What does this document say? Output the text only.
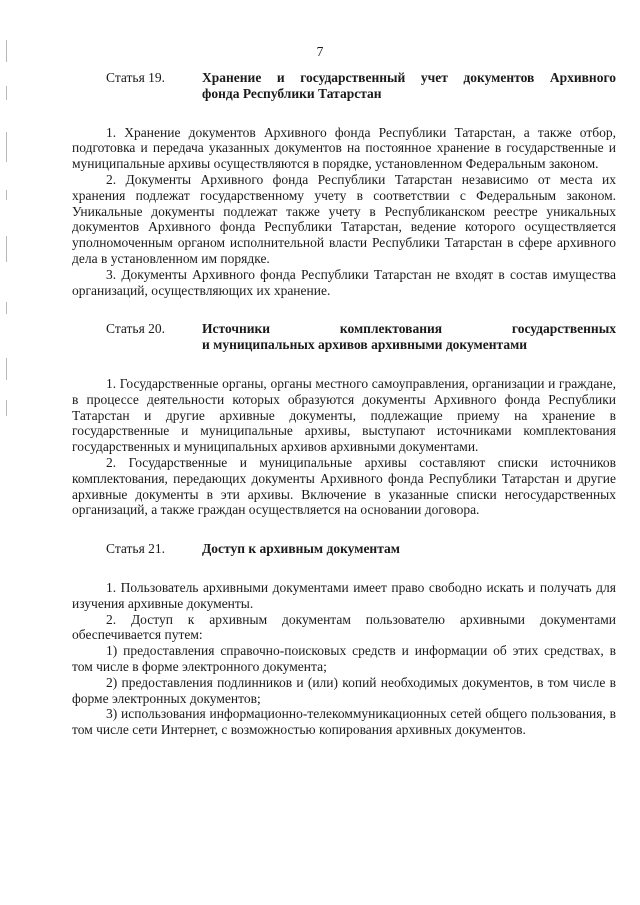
7
Статья 19.	Хранение и государственный учет документов Архивного
фонда Республики Татарстан

1. Хранение документов Архивного фонда Республики Татарстан, а также отбор, подготовка и передача указанных документов на постоянное хранение в государственные и муниципальные архивы осуществляются в порядке, установленном Федеральным законом.

2. Документы Архивного фонда Республики Татарстан независимо от места их хранения подлежат государственному учету в соответствии с Федеральным законом. Уникальные документы подлежат также учету в Республиканском реестре уникальных документов Архивного фонда Республики Татарстан, ведение которого осуществляется уполномоченным органом исполнительной власти Республики Татарстан в сфере архивного дела в установленном им порядке.

3. Документы Архивного фонда Республики Татарстан не входят в состав имущества организаций, осуществляющих их хранение.

Статья 20.	Источники комплектования государственных
и муниципальных архивов архивными документами

1. Государственные органы, органы местного самоуправления, организации и граждане, в процессе деятельности которых образуются документы Архивного фонда Республики Татарстан и другие архивные документы, подлежащие приему на хранение в государственные и муниципальные архивы, выступают источниками комплектования государственных и муниципальных архивов архивными документами.

2. Государственные и муниципальные архивы составляют списки источников комплектования, передающих документы Архивного фонда Республики Татарстан и другие архивные документы в эти архивы. Включение в указанные списки негосударственных организаций, а также граждан осуществляется на основании договора.

Статья 21.	Доступ к архивным документам

1. Пользователь архивными документами имеет право свободно искать и получать для изучения архивные документы.

2. Доступ к архивным документам пользователю архивными документами обеспечивается путем:

1) предоставления справочно-поисковых средств и информации об этих средствах, в том числе в форме электронного документа;

2) предоставления подлинников и (или) копий необходимых документов, в том числе в форме электронных документов;

3) использования информационно-телекоммуникационных сетей общего пользования, в том числе сети Интернет, с возможностью копирования архивных документов.
